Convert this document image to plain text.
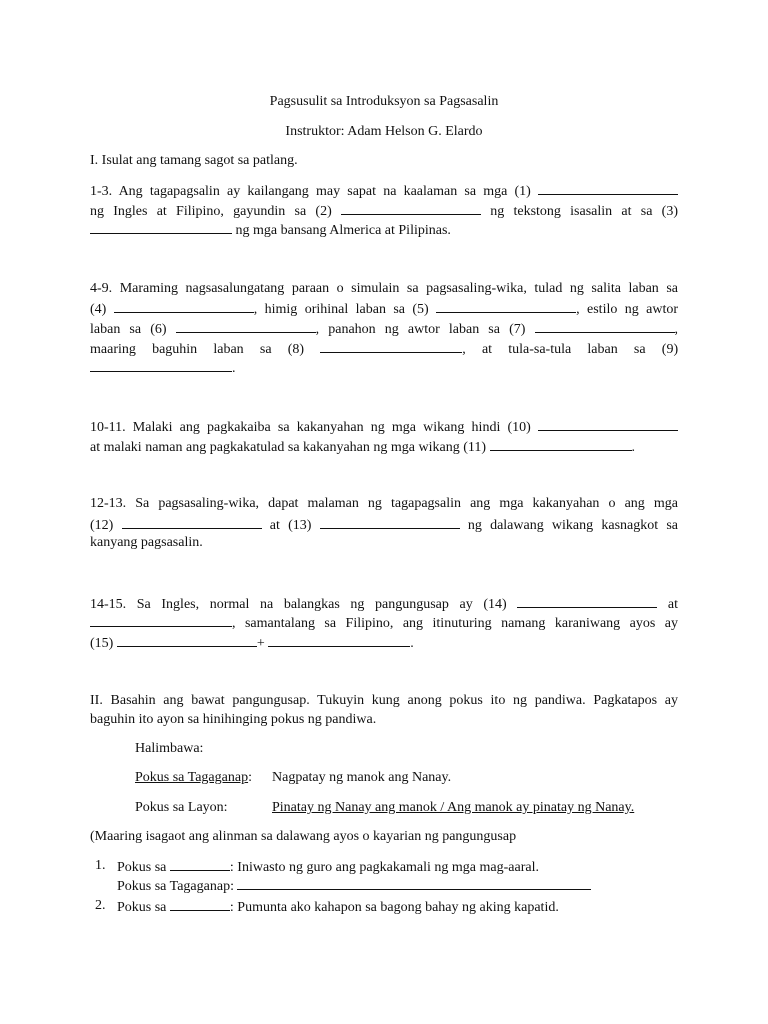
Pagsusulit sa Introduksyon sa Pagsasalin
Instruktor: Adam Helson G. Elardo
I. Isulat ang tamang sagot sa patlang.
1-3. Ang tagapagsalin ay kailangang may sapat na kaalaman sa mga (1)
ng Ingles at Filipino, gayundin sa (2)	ng tekstong isasalin at sa (3)
ng mga bansang Almerica at Pilipinas.
4-9. Maraming nagsasalungatang paraan o simulain sa pagsasaling-wika, tulad ng salita laban sa
(4)	, himig orihinal laban sa (5)	, estilo ng awtor
laban sa (6)	, panahon ng awtor laban sa (7)	,
maaring baguhin laban sa (8)	, at tula-sa-tula laban sa (9)
.
10-11. Malaki ang pagkakaiba sa kakanyahan ng mga wikang hindi (10)
at malaki naman ang pagkakatulad sa kakanyahan ng mga wikang (11)	.
12-13. Sa pagsasaling-wika, dapat malaman ng tagapagsalin ang mga kakanyahan o ang mga
(12)	at (13)	ng dalawang wikang kasnagkot sa
kanyang pagsasalin.
14-15. Sa Ingles, normal na balangkas ng pangungusap ay (14)	at
, samantalang sa Filipino, ang itinuturing namang karaniwang ayos ay
(15)	+	.
II. Basahin ang bawat pangungusap. Tukuyin kung anong pokus ito ng pandiwa. Pagkatapos ay
baguhin ito ayon sa hinihinging pokus ng pandiwa.
Halimbawa:
Pokus sa Tagaganap: Nagpatay ng manok ang Nanay.
Pokus sa Layon:	Pinatay ng Nanay ang manok / Ang manok ay pinatay ng Nanay.
(Maaring isagaot ang alinman sa dalawang ayos o kayarian ng pangungusap
1. Pokus sa	: Iniwasto ng guro ang pagkakamali ng mga mag-aaral.
Pokus sa Tagaganap:
2. Pokus sa	: Pumunta ako kahapon sa bagong bahay ng aking kapatid.
